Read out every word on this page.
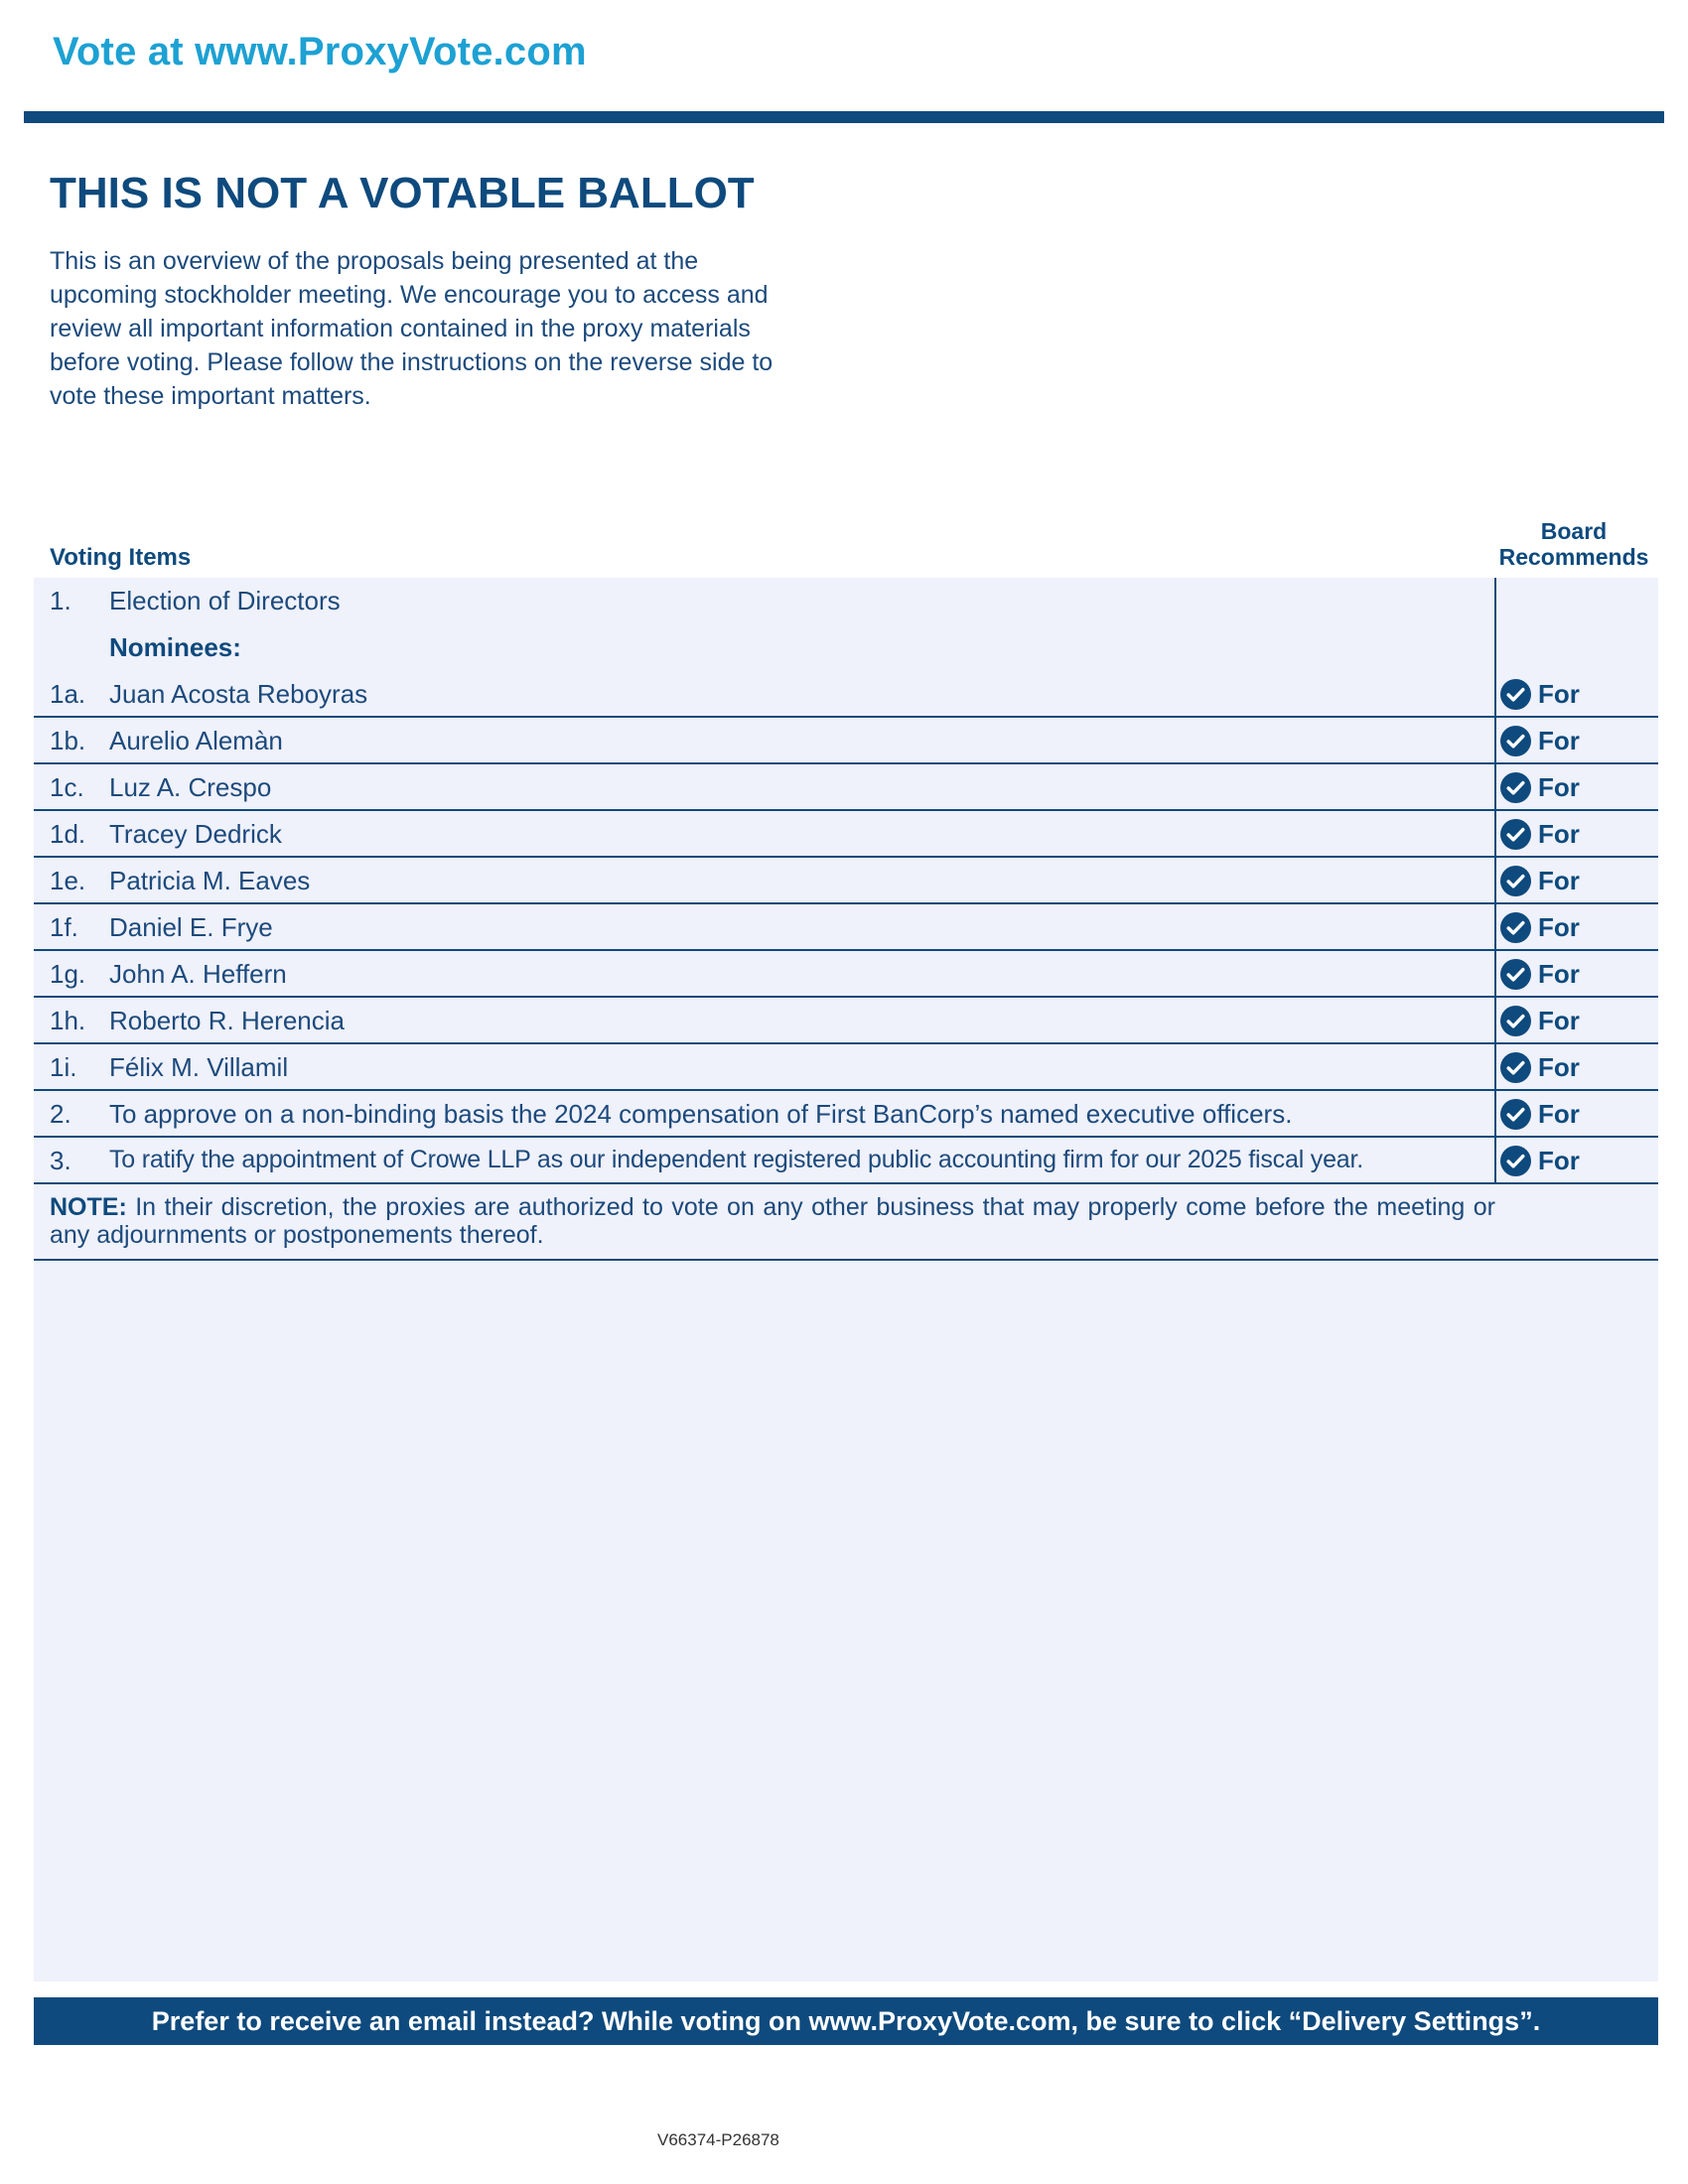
Vote at www.ProxyVote.com
THIS IS NOT A VOTABLE BALLOT

This is an overview of the proposals being presented at the upcoming stockholder meeting. We encourage you to access and review all important information contained in the proxy materials before voting. Please follow the instructions on the reverse side to vote these important matters.

Voting Items
Board
Recommends
1. Election of Directors
Nominees:
1a. Juan Acosta Reboyras	For
1b. Aurelio Alemàn	For
1c. Luz A. Crespo	For
1d. Tracey Dedrick	For
1e. Patricia M. Eaves	For
1f. Daniel E. Frye	For
1g. John A. Heffern	For
1h. Roberto R. Herencia	For
1i. Félix M. Villamil	For
2. To approve on a non-binding basis the 2024 compensation of First BanCorp’s named executive officers.	For
3. To ratify the appointment of Crowe LLP as our independent registered public accounting firm for our 2025 fiscal year.	For

NOTE: In their discretion, the proxies are authorized to vote on any other business that may properly come before the meeting or any adjournments or postponements thereof.

Prefer to receive an email instead? While voting on www.ProxyVote.com, be sure to click “Delivery Settings”.
V66374-P26878
